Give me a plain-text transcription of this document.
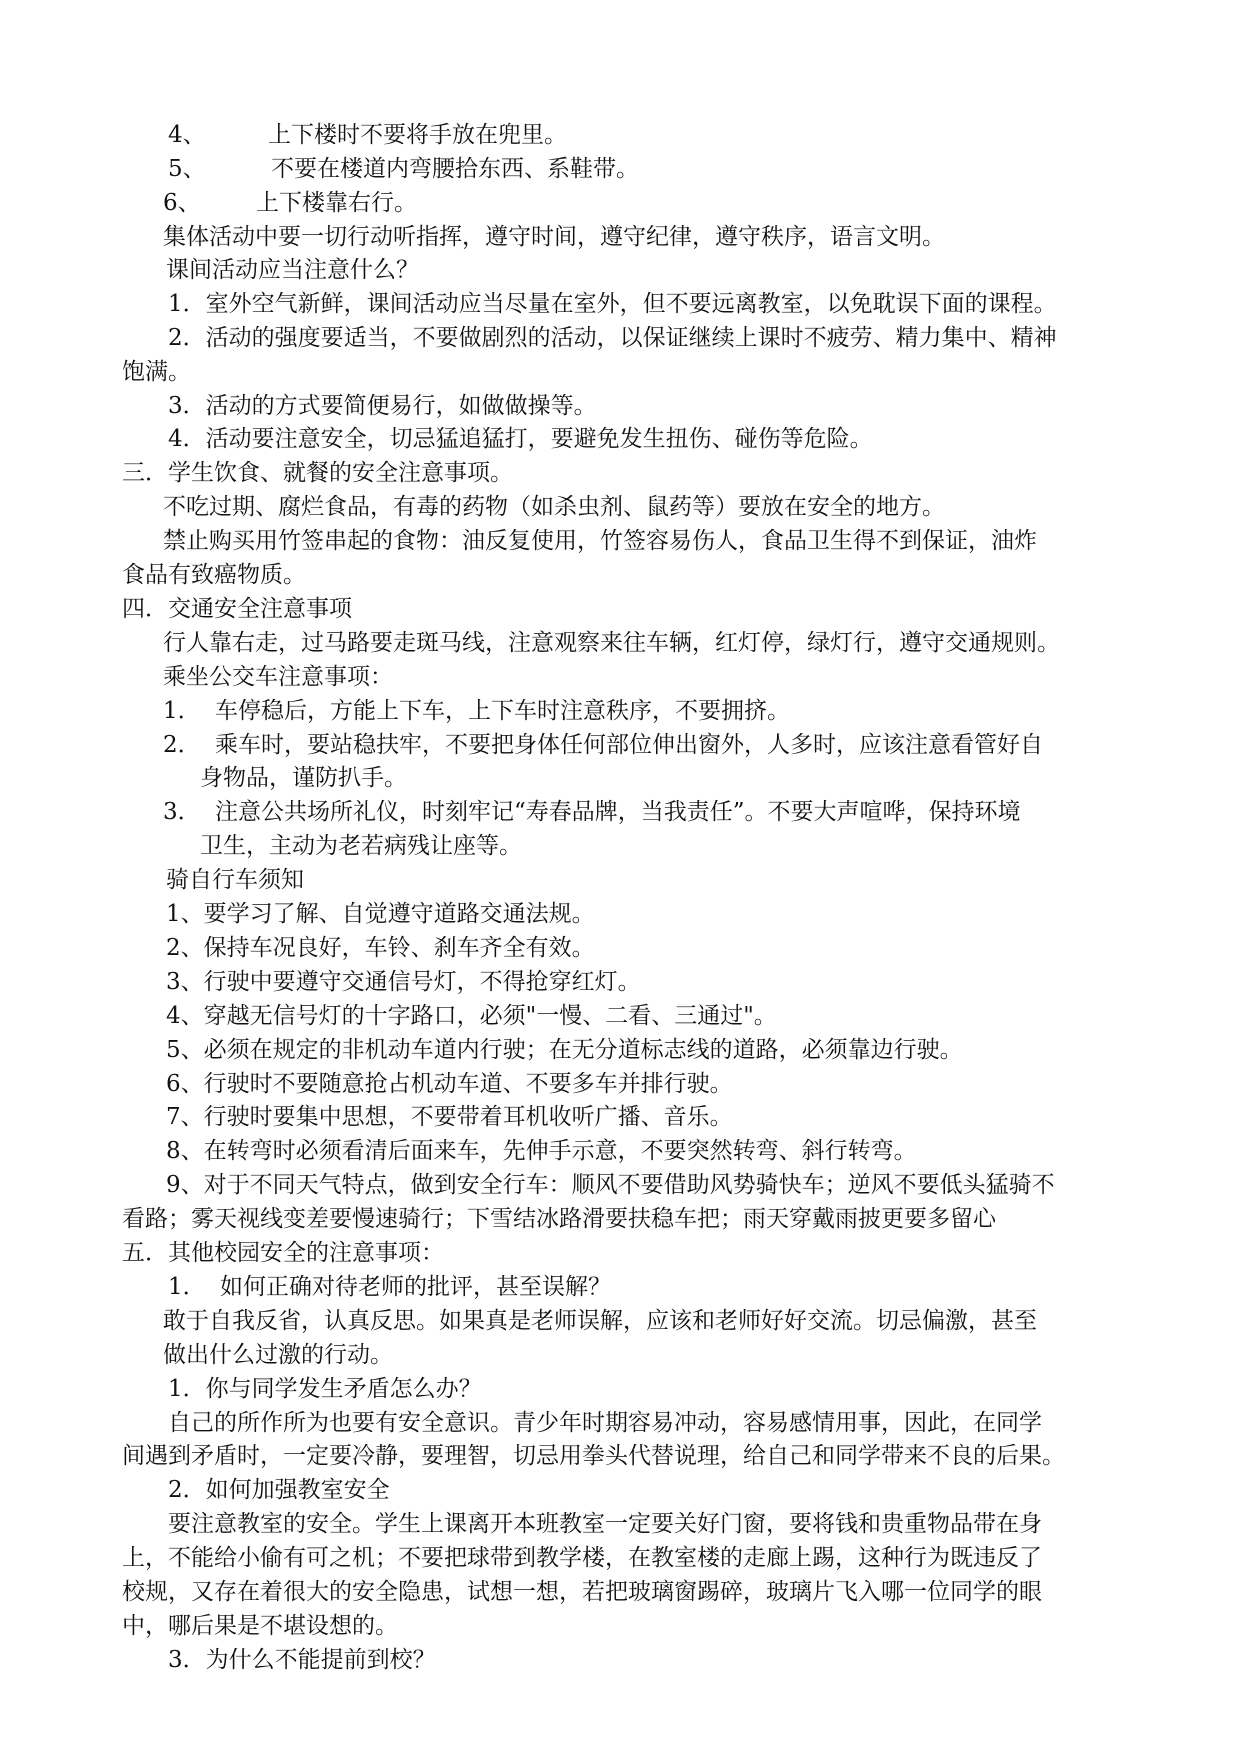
4、	上下楼时不要将手放在兜里。
5、	不要在楼道内弯腰拾东西、系鞋带。
6、 上下楼靠右行。
集体活动中要一切行动听指挥，遵守时间，遵守纪律，遵守秩序，语言文明。
课间活动应当注意什么？
1．室外空气新鲜，课间活动应当尽量在室外，但不要远离教室，以免耽误下面的课程。
2．活动的强度要适当，不要做剧烈的活动，以保证继续上课时不疲劳、精力集中、精神
饱满。
3．活动的方式要简便易行，如做做操等。
4．活动要注意安全，切忌猛追猛打，要避免发生扭伤、碰伤等危险。
三．学生饮食、就餐的安全注意事项。
不吃过期、腐烂食品，有毒的药物（如杀虫剂、鼠药等）要放在安全的地方。
禁止购买用竹签串起的食物：油反复使用，竹签容易伤人，食品卫生得不到保证，油炸
食品有致癌物质。
四．交通安全注意事项
行人靠右走，过马路要走斑马线，注意观察来往车辆，红灯停，绿灯行，遵守交通规则。
乘坐公交车注意事项：
1． 车停稳后，方能上下车，上下车时注意秩序，不要拥挤。
2． 乘车时，要站稳扶牢，不要把身体任何部位伸出窗外，人多时，应该注意看管好自
身物品，谨防扒手。
3． 注意公共场所礼仪，时刻牢记“寿春品牌，当我责任”。不要大声喧哗，保持环境
卫生，主动为老若病残让座等。
骑自行车须知
1、要学习了解、自觉遵守道路交通法规。
2、保持车况良好，车铃、刹车齐全有效。
3、行驶中要遵守交通信号灯，不得抢穿红灯。
4、穿越无信号灯的十字路口，必须"一慢、二看、三通过"。
5、必须在规定的非机动车道内行驶；在无分道标志线的道路，必须靠边行驶。
6、行驶时不要随意抢占机动车道、不要多车并排行驶。
7、行驶时要集中思想，不要带着耳机收听广播、音乐。
8、在转弯时必须看清后面来车，先伸手示意，不要突然转弯、斜行转弯。
9、对于不同天气特点，做到安全行车：顺风不要借助风势骑快车；逆风不要低头猛骑不
看路；雾天视线变差要慢速骑行；下雪结冰路滑要扶稳车把；雨天穿戴雨披更要多留心
五．其他校园安全的注意事项：
1． 如何正确对待老师的批评，甚至误解？
敢于自我反省，认真反思。如果真是老师误解，应该和老师好好交流。切忌偏激，甚至
做出什么过激的行动。
1．你与同学发生矛盾怎么办？
自己的所作所为也要有安全意识。青少年时期容易冲动，容易感情用事，因此，在同学
间遇到矛盾时，一定要冷静，要理智，切忌用拳头代替说理，给自己和同学带来不良的后果。
2．如何加强教室安全
要注意教室的安全。学生上课离开本班教室一定要关好门窗，要将钱和贵重物品带在身
上，不能给小偷有可之机；不要把球带到教学楼，在教室楼的走廊上踢，这种行为既违反了
校规，又存在着很大的安全隐患，试想一想，若把玻璃窗踢碎，玻璃片飞入哪一位同学的眼
中，哪后果是不堪设想的。
3．为什么不能提前到校？
